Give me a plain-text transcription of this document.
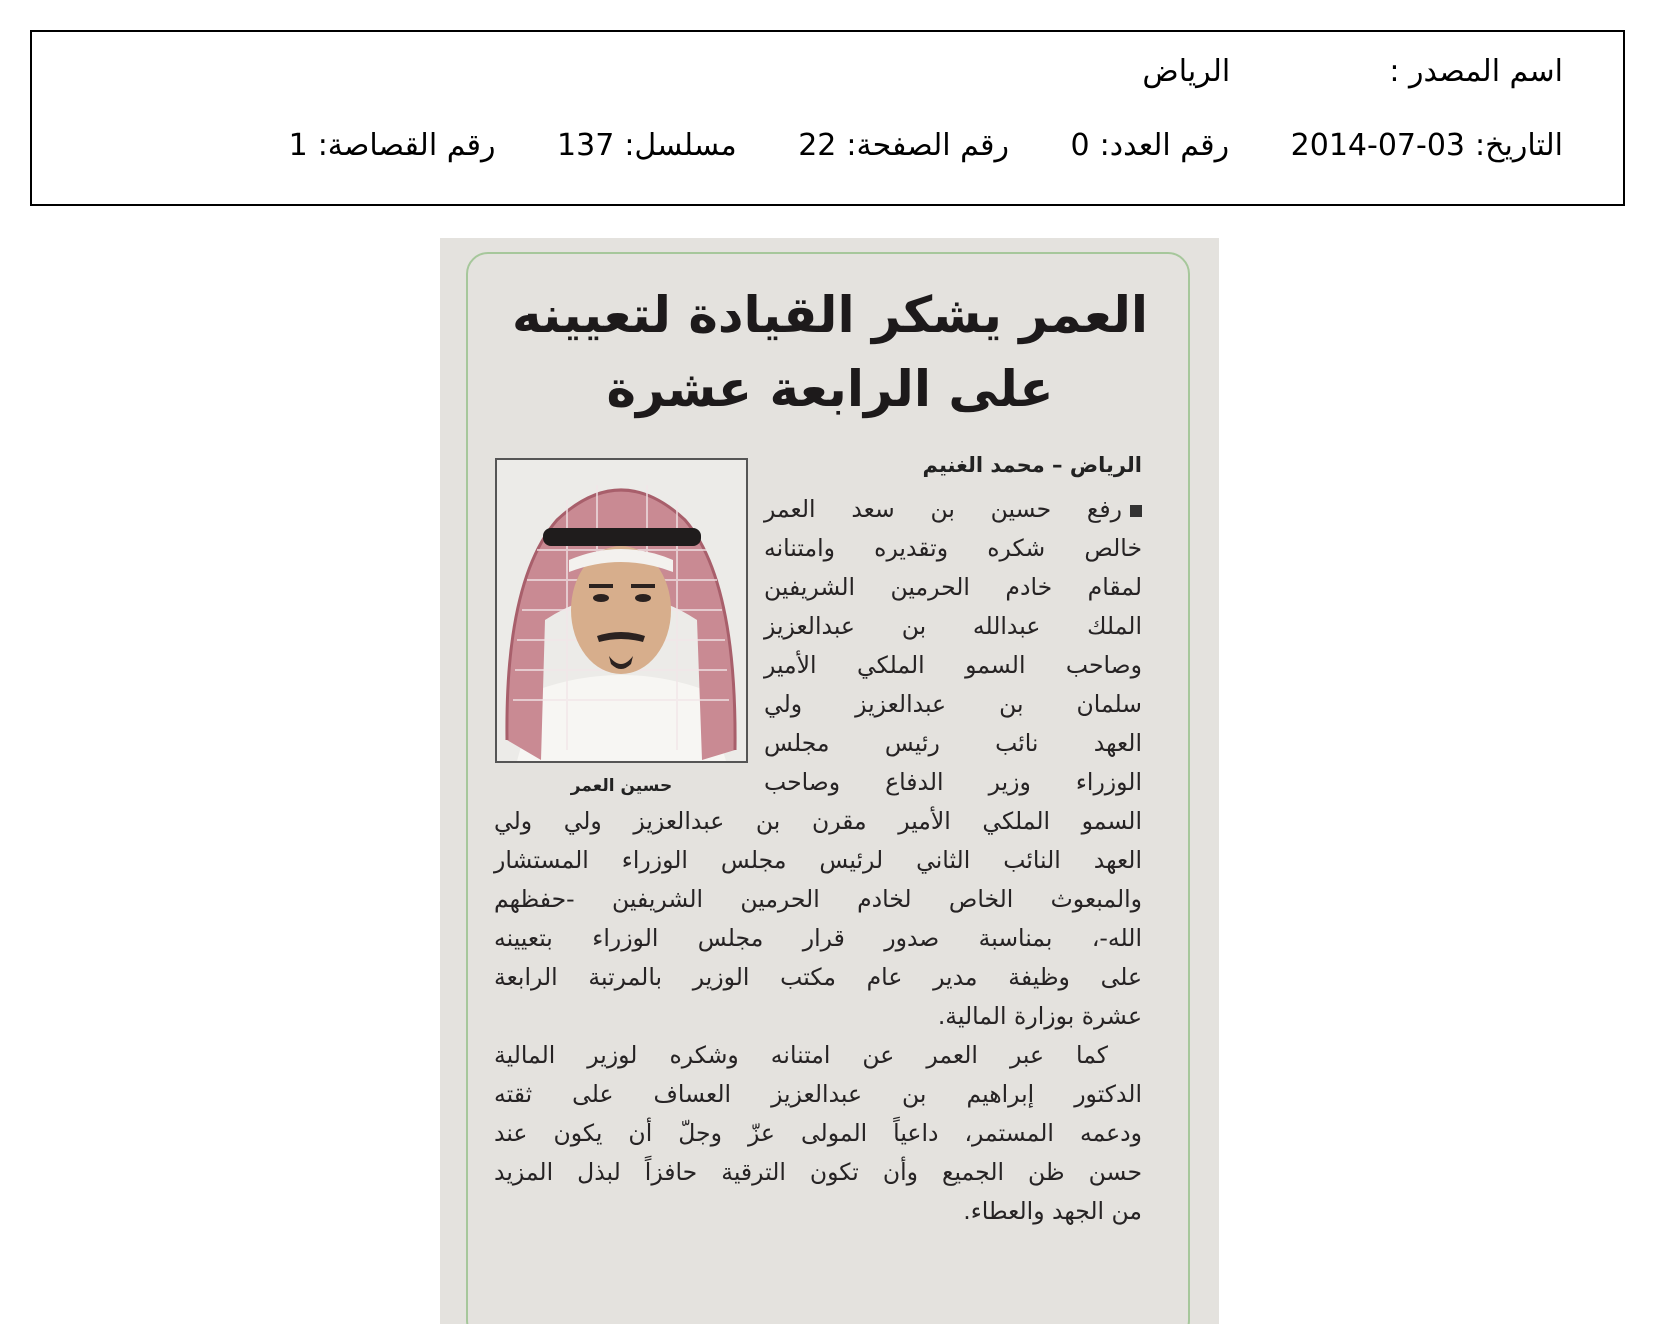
اسم المصدر :  الرياض
التاريخ:2014-07-03 رقم العدد:0 رقم الصفحة:22 مسلسل:137 رقم القصاصة:1
العمر يشكر القيادة لتعيينه
على الرابعة عشرة
الرياض – محمد الغنيم
حسين العمر
رفع حسين بن سعد العمر
خالص شكره وتقديره وامتنانه
لمقام خادم الحرمين الشريفين
الملك عبدالله بن عبدالعزيز
وصاحب السمو الملكي الأمير
سلمان بن عبدالعزيز ولي
العهد نائب رئيس مجلس
الوزراء وزير الدفاع وصاحب
السمو الملكي الأمير مقرن بن عبدالعزيز ولي ولي
العهد النائب الثاني لرئيس مجلس الوزراء المستشار
والمبعوث الخاص لخادم الحرمين الشريفين -حفظهم
الله-، بمناسبة صدور قرار مجلس الوزراء بتعيينه
على وظيفة مدير عام مكتب الوزير بالمرتبة الرابعة
عشرة بوزارة المالية.
كما عبر العمر عن امتنانه وشكره لوزير المالية
الدكتور إبراهيم بن عبدالعزيز العساف على ثقته
ودعمه المستمر، داعياً المولى عزّ وجلّ أن يكون عند
حسن ظن الجميع وأن تكون الترقية حافزاً لبذل المزيد
من الجهد والعطاء.
